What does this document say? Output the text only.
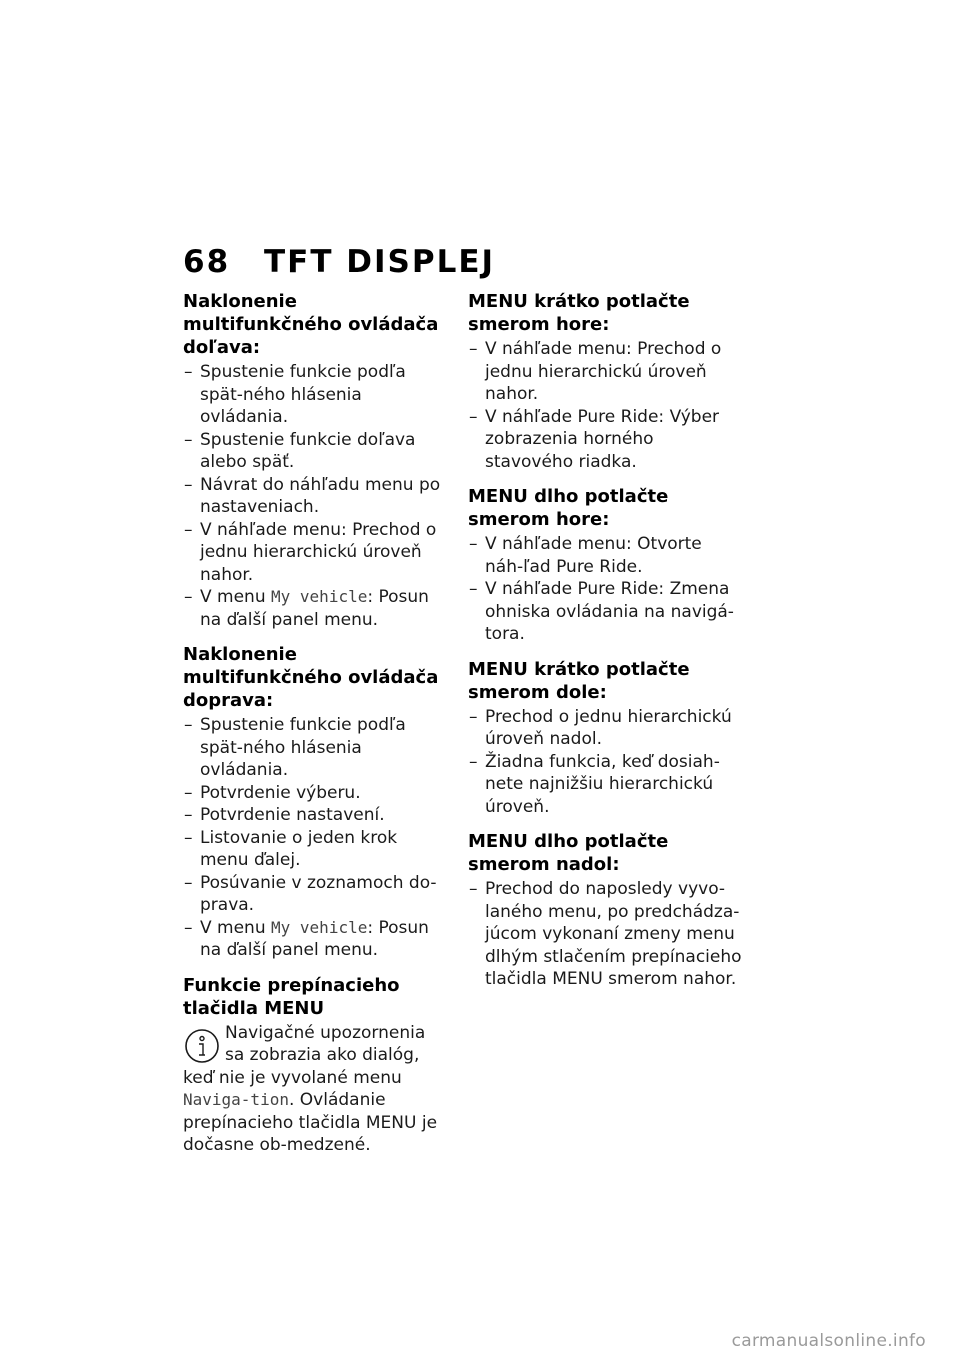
68 TFT DISPLEJ
Naklonenie multifunkčného ovládača doľava:
– Spustenie funkcie podľa spät-ného hlásenia ovládania.
– Spustenie funkcie doľava alebo späť.
– Návrat do náhľadu menu po nastaveniach.
– V náhľade menu: Prechod o jednu hierarchickú úroveň nahor.
– V menu My vehicle: Posun na ďalší panel menu.
Naklonenie multifunkčného ovládača doprava:
– Spustenie funkcie podľa spät-ného hlásenia ovládania.
– Potvrdenie výberu.
– Potvrdenie nastavení.
– Listovanie o jeden krok menu ďalej.
– Posúvanie v zoznamoch do-prava.
– V menu My vehicle: Posun na ďalší panel menu.
Funkcie prepínacieho tlačidla MENU
Navigačné upozornenia sa zobrazia ako dialóg, keď nie je vyvolané menu Naviga-tion. Ovládanie prepínacieho tlačidla MENU je dočasne ob-medzené.
MENU krátko potlačte smerom hore:
– V náhľade menu: Prechod o jednu hierarchickú úroveň nahor.
– V náhľade Pure Ride: Výber zobrazenia horného stavového riadka.
MENU dlho potlačte smerom hore:
– V náhľade menu: Otvorte náh-ľad Pure Ride.
– V náhľade Pure Ride: Zmena ohniska ovládania na navigá-tora.
MENU krátko potlačte smerom dole:
– Prechod o jednu hierarchickú úroveň nadol.
– Žiadna funkcia, keď dosiah-nete najnižšiu hierarchickú úroveň.
MENU dlho potlačte smerom nadol:
– Prechod do naposledy vyvo-laného menu, po predchádza-júcom vykonaní zmeny menu dlhým stlačením prepínacieho tlačidla MENU smerom nahor.
carmanualsonline.info
